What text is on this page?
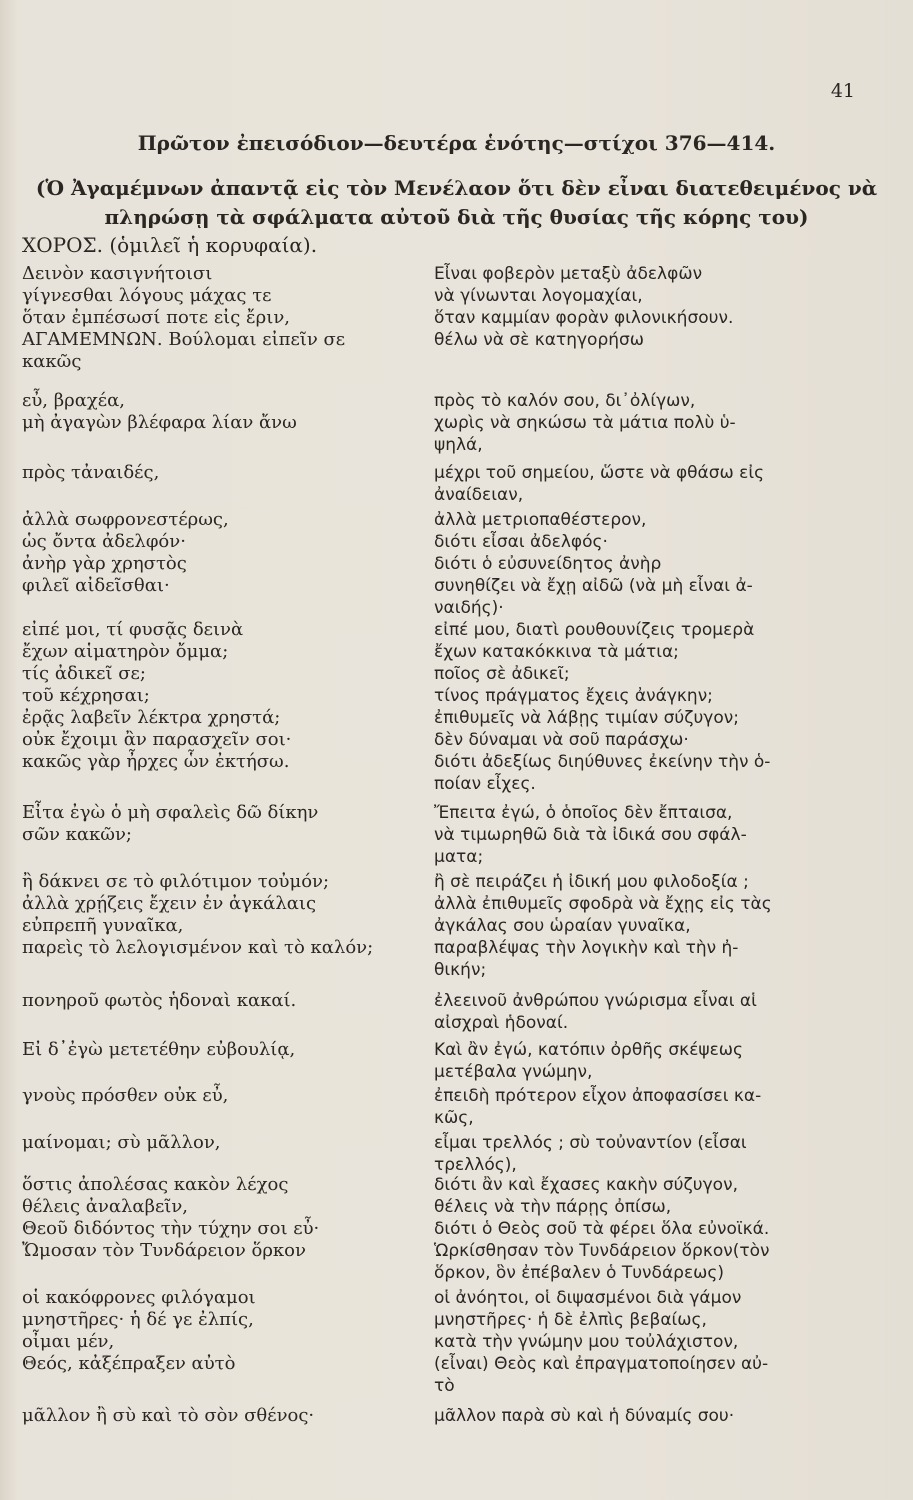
41
Πρῶτον ἐπεισόδιον—δευτέρα ἑνότης—στίχοι 376—414.
(Ὁ Ἀγαμέμνων ἀπαντᾷ εἰς τὸν Μενέλαον ὅτι δὲν εἶναι διατεθειμένος νὰ
πληρώσῃ τὰ σφάλματα αὐτοῦ διὰ τῆς θυσίας τῆς κόρης του)
ΧΟΡΟΣ. (ὁμιλεῖ ἡ κορυφαία).
Δεινὸν κασιγνήτοισι
γίγνεσθαι λόγους μάχας τε
ὅταν ἐμπέσωσί ποτε εἰς ἔριν,
ΑΓΑΜΕΜΝΩΝ. Βούλομαι εἰπεῖν σε
κακῶς
εὖ, βραχέα,
μὴ ἀγαγὼν βλέφαρα λίαν ἄνω
πρὸς τἀναιδές,
ἀλλὰ σωφρονεστέρως,
ὡς ὄντα ἀδελφόν·
ἀνὴρ γὰρ χρηστὸς
φιλεῖ αἰδεῖσθαι·
εἰπέ μοι, τί φυσᾷς δεινὰ
ἔχων αἱματηρὸν ὄμμα;
τίς ἀδικεῖ σε;
τοῦ κέχρησαι;
ἐρᾷς λαβεῖν λέκτρα χρηστά;
οὐκ ἔχοιμι ἂν παρασχεῖν σοι·
κακῶς γὰρ ἦρχες ὧν ἐκτήσω.
Εἶτα ἐγὼ ὁ μὴ σφαλεὶς δῶ δίκην
σῶν κακῶν;
ἢ δάκνει σε τὸ φιλότιμον τοὐμόν;
ἀλλὰ χρῄζεις ἔχειν ἐν ἀγκάλαις
εὐπρεπῆ γυναῖκα,
παρεὶς τὸ λελογισμένον καὶ τὸ καλόν;
πονηροῦ φωτὸς ἡδοναὶ κακαί.
Εἰ δ᾽ἐγὼ μετετέθην εὐβουλίᾳ,
γνοὺς πρόσθεν οὐκ εὖ,
μαίνομαι; σὺ μᾶλλον,
ὅστις ἀπολέσας κακὸν λέχος
θέλεις ἀναλαβεῖν,
Θεοῦ διδόντος τὴν τύχην σοι εὖ·
Ὤμοσαν τὸν Τυνδάρειον ὅρκον
οἱ κακόφρονες φιλόγαμοι
μνηστῆρες· ἡ δέ γε ἐλπίς,
οἶμαι μέν,
Θεός, κἀξέπραξεν αὐτὸ
μᾶλλον ἢ σὺ καὶ τὸ σὸν σθένος·
Εἶναι φοβερὸν μεταξὺ ἀδελφῶν
νὰ γίνωνται λογομαχίαι,
ὅταν καμμίαν φορὰν φιλονικήσουν.
θέλω νὰ σὲ κατηγορήσω
πρὸς τὸ καλόν σου, δι᾽ὀλίγων,
χωρὶς νὰ σηκώσω τὰ μάτια πολὺ ὑ-
ψηλά,
μέχρι τοῦ σημείου, ὥστε νὰ φθάσω εἰς
ἀναίδειαν,
ἀλλὰ μετριοπαθέστερον,
διότι εἶσαι ἀδελφός·
διότι ὁ εὐσυνείδητος ἀνὴρ
συνηθίζει νὰ ἔχῃ αἰδῶ (νὰ μὴ εἶναι ἀ-
ναιδής)·
εἰπέ μου, διατὶ ρουθουνίζεις τρομερὰ
ἔχων κατακόκκινα τὰ μάτια;
ποῖος σὲ ἀδικεῖ;
τίνος πράγματος ἔχεις ἀνάγκην;
ἐπιθυμεῖς νὰ λάβῃς τιμίαν σύζυγον;
δὲν δύναμαι νὰ σοῦ παράσχω·
διότι ἀδεξίως διηύθυνες ἐκείνην τὴν ὁ-
ποίαν εἶχες.
Ἔπειτα ἐγώ, ὁ ὁποῖος δὲν ἔπταισα,
νὰ τιμωρηθῶ διὰ τὰ ἰδικά σου σφάλ-
ματα;
ἢ σὲ πειράζει ἡ ἰδική μου φιλοδοξία ;
ἀλλὰ ἐπιθυμεῖς σφοδρὰ νὰ ἔχῃς εἰς τὰς
ἀγκάλας σου ὡραίαν γυναῖκα,
παραβλέψας τὴν λογικὴν καὶ τὴν ἠ-
θικήν;
ἐλεεινοῦ ἀνθρώπου γνώρισμα εἶναι αἱ
αἰσχραὶ ἡδοναί.
Καὶ ἂν ἐγώ, κατόπιν ὀρθῆς σκέψεως
μετέβαλα γνώμην,
ἐπειδὴ πρότερον εἶχον ἀποφασίσει κα-
κῶς,
εἶμαι τρελλός ; σὺ τοὐναντίον (εἶσαι
τρελλός),
διότι ἂν καὶ ἔχασες κακὴν σύζυγον,
θέλεις νὰ τὴν πάρῃς ὀπίσω,
διότι ὁ Θεὸς σοῦ τὰ φέρει ὅλα εὐνοϊκά.
Ὡρκίσθησαν τὸν Τυνδάρειον ὅρκον(τὸν
ὅρκον, ὃν ἐπέβαλεν ὁ Τυνδάρεως)
οἱ ἀνόητοι, οἱ διψασμένοι διὰ γάμον
μνηστῆρες· ἡ δὲ ἐλπὶς βεβαίως,
κατὰ τὴν γνώμην μου τοὐλάχιστον,
(εἶναι) Θεὸς καὶ ἐπραγματοποίησεν αὐ-
τὸ
μᾶλλον παρὰ σὺ καὶ ἡ δύναμίς σου·
